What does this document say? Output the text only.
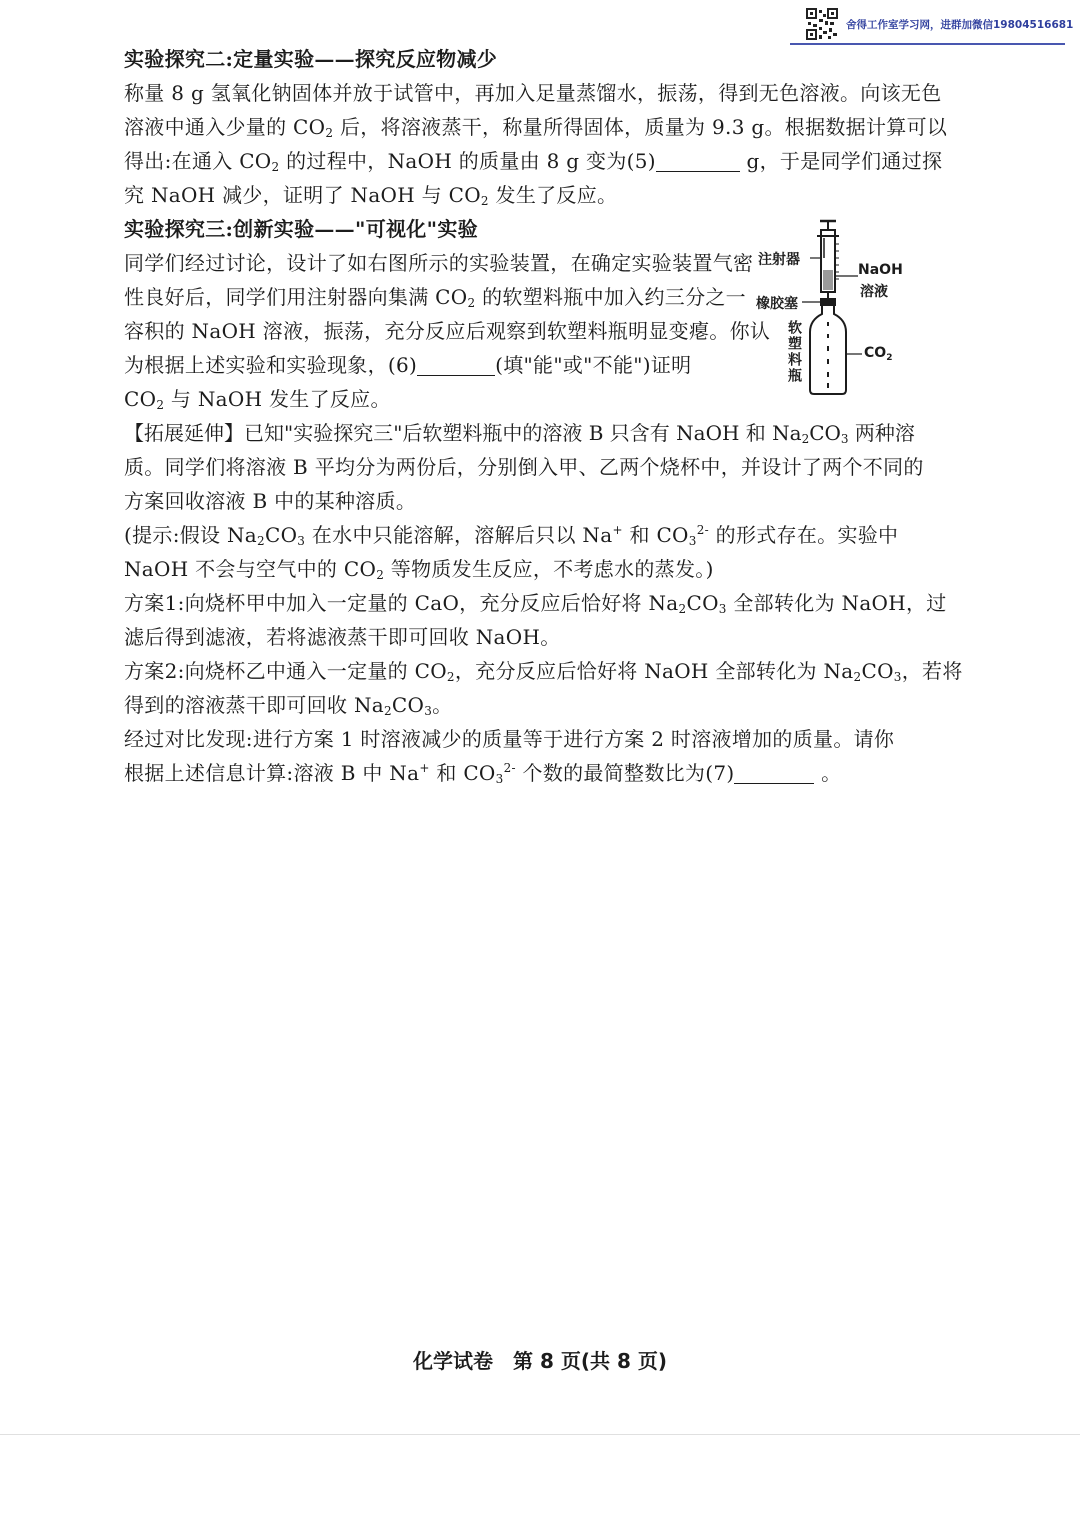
舍得工作室学习网，进群加微信19804516681
实验探究二:定量实验——探究反应物减少
称量 8 g 氢氧化钠固体并放于试管中，再加入足量蒸馏水，振荡，得到无色溶液。向该无色
溶液中通入少量的 $CO_2$ 后，将溶液蒸干，称量所得固体，质量为 9.3 g。根据数据计算可以
得出:在通入 $CO_2$ 的过程中，NaOH 的质量由 8 g 变为(5)	g，于是同学们通过探
究 NaOH 减少，证明了 NaOH 与 $CO_2$ 发生了反应。
实验探究三:创新实验——"可视化"实验
同学们经过讨论，设计了如右图所示的实验装置，在确定实验装置气密
性良好后，同学们用注射器向集满 $CO_2$ 的软塑料瓶中加入约三分之一
容积的 NaOH 溶液，振荡，充分反应后观察到软塑料瓶明显变瘪。你认
为根据上述实验和实验现象，(6)	(填"能"或"不能")证明
$CO_2$ 与 NaOH 发生了反应。
【拓展延伸】已知"实验探究三"后软塑料瓶中的溶液 B 只含有 NaOH 和 $Na_2CO_3$ 两种溶
质。同学们将溶液 B 平均分为两份后，分别倒入甲、乙两个烧杯中，并设计了两个不同的
方案回收溶液 B 中的某种溶质。
(提示:假设 $Na_2CO_3$ 在水中只能溶解，溶解后只以 Na+ 和 $CO_3^{2-}$ 的形式存在。实验中
NaOH 不会与空气中的 $CO_2$ 等物质发生反应，不考虑水的蒸发。)
方案1:向烧杯甲中加入一定量的 CaO，充分反应后恰好将 $Na_2CO_3$ 全部转化为 NaOH，过
滤后得到滤液，若将滤液蒸干即可回收 NaOH。
方案2:向烧杯乙中通入一定量的 $CO_2$，充分反应后恰好将 NaOH 全部转化为 $Na_2CO_3$，若将
得到的溶液蒸干即可回收 $Na_2CO_3$。
经过对比发现:进行方案 1 时溶液减少的质量等于进行方案 2 时溶液增加的质量。请你
根据上述信息计算:溶液 B 中 Na+ 和 $CO_3^{2-}$ 个数的最简整数比为(7)	。
注射器
NaOH
溶液
橡胶塞
软塑料瓶	$CO_2$
化学试卷　第 8 页(共 8 页)
